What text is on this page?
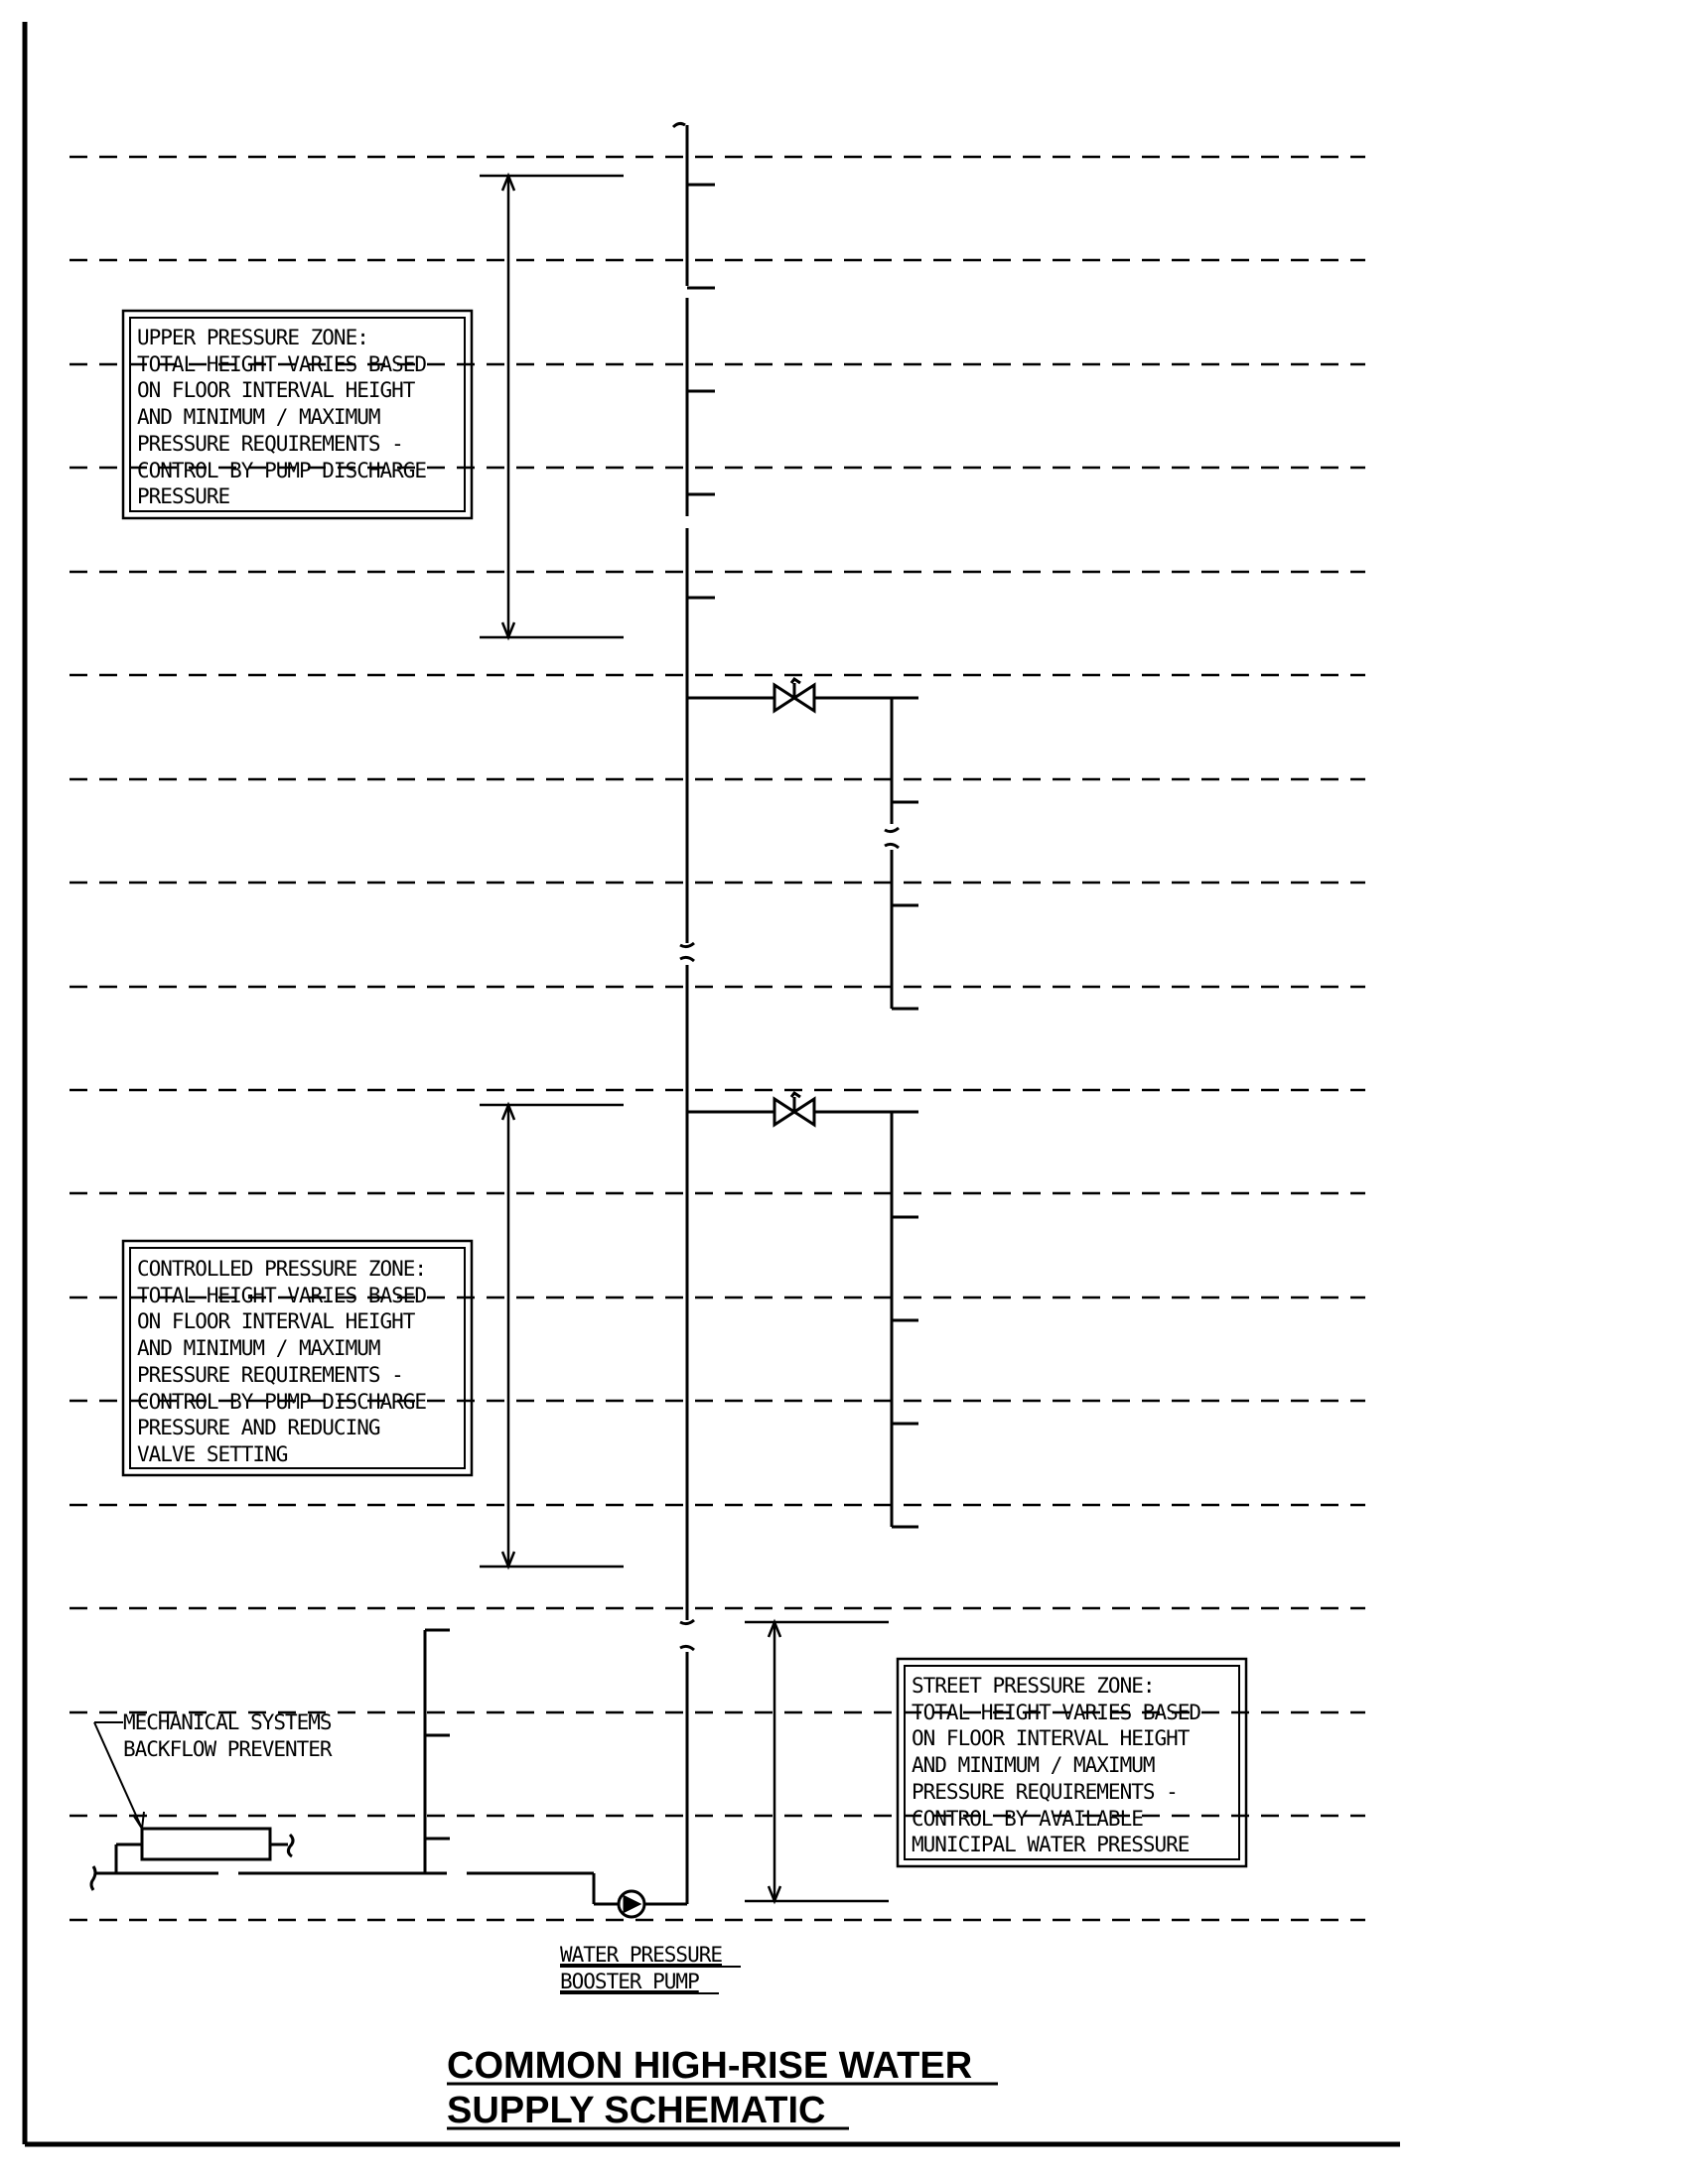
UPPER PRESSURE ZONE:
TOTAL HEIGHT VARIES BASED
ON FLOOR INTERVAL HEIGHT
AND MINIMUM / MAXIMUM
PRESSURE REQUIREMENTS -
CONTROL BY PUMP DISCHARGE
PRESSURE
CONTROLLED PRESSURE ZONE:
TOTAL HEIGHT VARIES BASED
ON FLOOR INTERVAL HEIGHT
AND MINIMUM / MAXIMUM
PRESSURE REQUIREMENTS -
CONTROL BY PUMP DISCHARGE
PRESSURE AND REDUCING
VALVE SETTING
STREET PRESSURE ZONE:
TOTAL HEIGHT VARIES BASED
ON FLOOR INTERVAL HEIGHT
AND MINIMUM / MAXIMUM
PRESSURE REQUIREMENTS -
CONTROL BY AVAILABLE
MUNICIPAL WATER PRESSURE
MECHANICAL SYSTEMS
BACKFLOW PREVENTER
WATER PRESSURE
BOOSTER PUMP
COMMON HIGH-RISE WATER
SUPPLY SCHEMATIC
